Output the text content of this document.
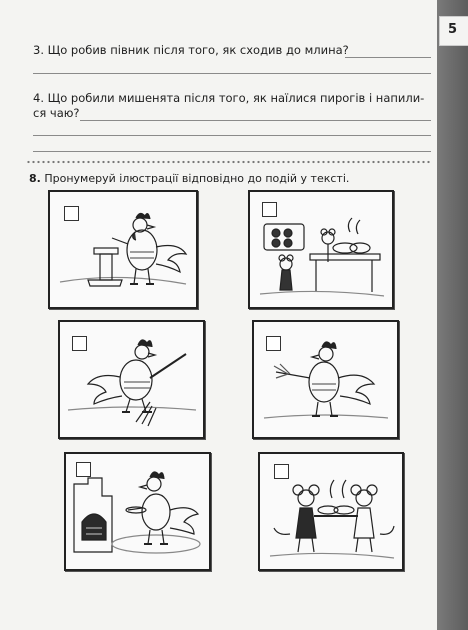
3. Що робив півник після того, як сходив до млина?
4. Що робили мишенята після того, як наїлися пирогів і напили-
ся чаю?
8. Пронумеруй ілюстрації відповідно до подій у тексті.
5
